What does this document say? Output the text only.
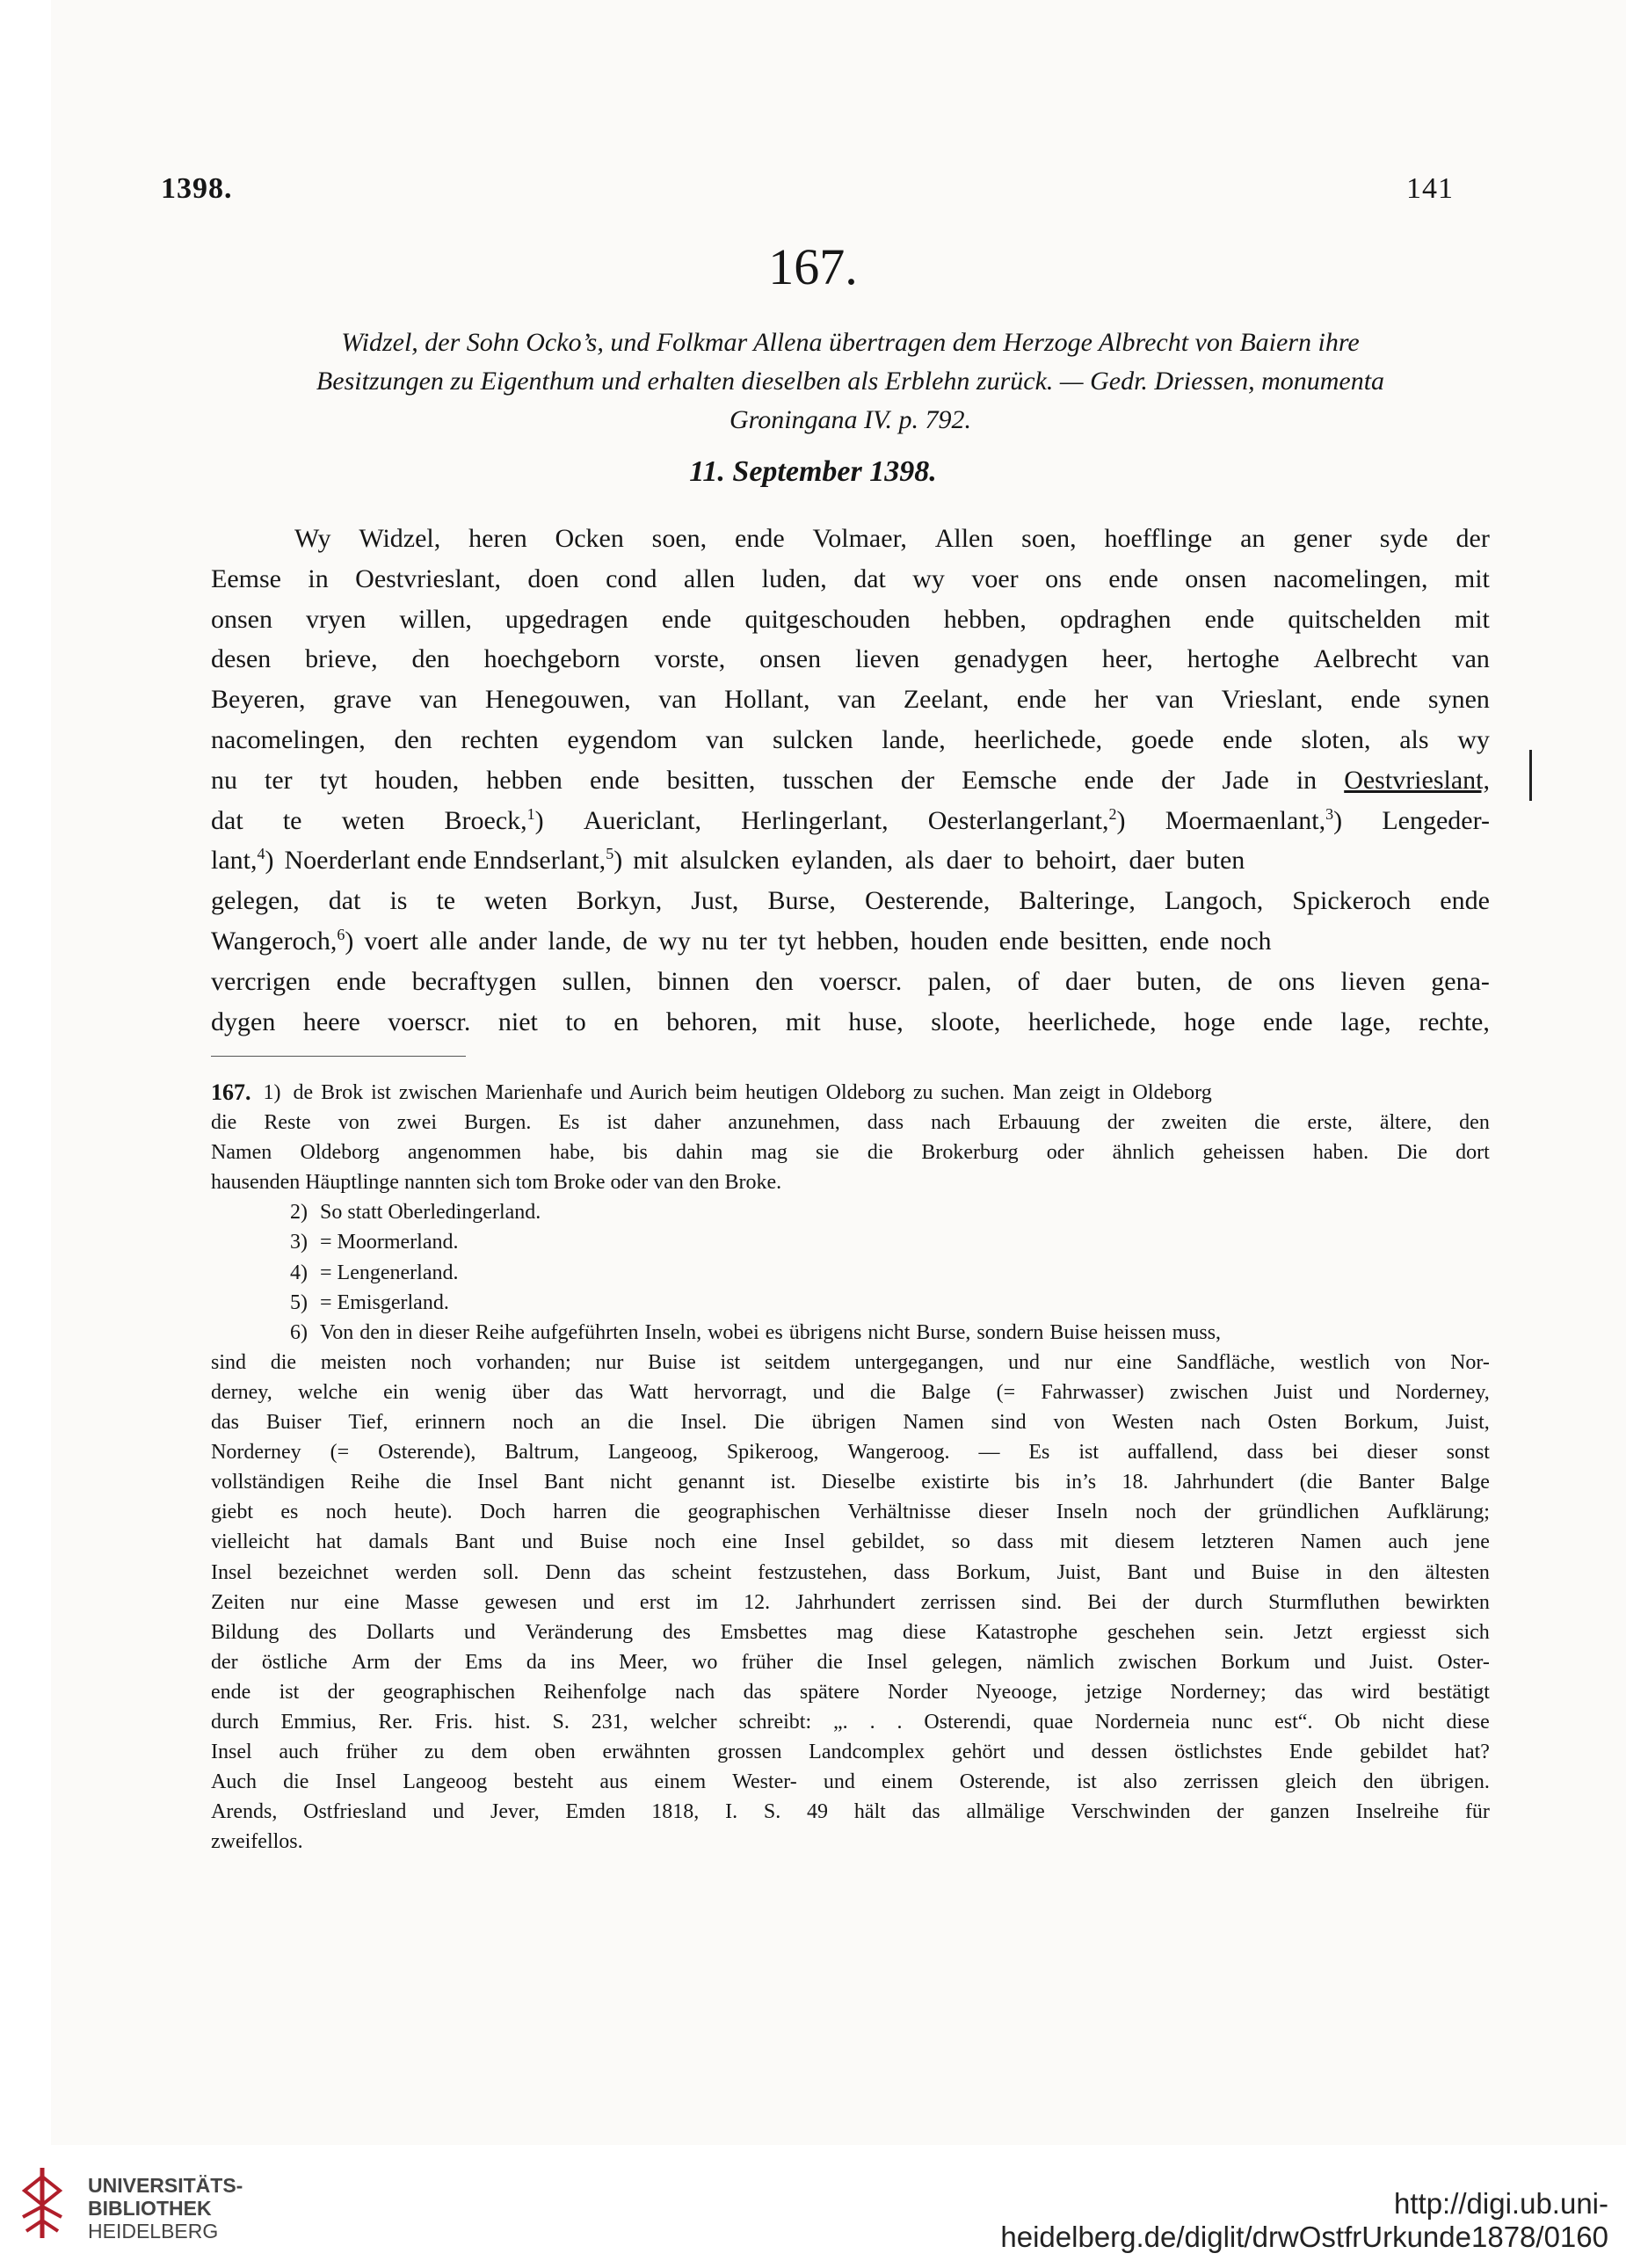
1398.	141
167.
Widzel, der Sohn Ocko’s, und Folkmar Allena übertragen dem Herzoge Albrecht von Baiern ihre
Besitzungen zu Eigenthum und erhalten dieselben als Erblehn zurück. — Gedr. Driessen, monumenta
Groningana IV. p. 792.
11. September 1398.
Wy Widzel, heren Ocken soen, ende Volmaer, Allen soen, hoefflinge an gener syde der
Eemse in Oestvrieslant, doen cond allen luden, dat wy voer ons ende onsen nacomelingen, mit
onsen vryen willen, upgedragen ende quitgeschouden hebben, opdraghen ende quitschelden mit
desen brieve, den hoechgeborn vorste, onsen lieven genadygen heer, hertoghe Aelbrecht van
Beyeren, grave van Henegouwen, van Hollant, van Zeelant, ende her van Vrieslant, ende synen
nacomelingen, den rechten eygendom van sulcken lande, heerlichede, goede ende sloten, als wy
nu ter tyt houden, hebben ende besitten, tusschen der Eemsche ende der Jade in Oestvrieslant,
dat te weten Broeck,$^1$) Auericlant, Herlingerlant, Oesterlangerlant,$^2$) Moermaenlant,$^3$) Lengeder-
lant,$^4$) Noerderlant ende Enndserlant,$^5$) mit alsulcken eylanden, als daer to behoirt, daer buten
gelegen, dat is te weten Borkyn, Just, Burse, Oesterende, Balteringe, Langoch, Spickeroch ende
Wangeroch,$^6$) voert alle ander lande, de wy nu ter tyt hebben, houden ende besitten, ende noch
vercrigen ende becraftygen sullen, binnen den voerscr. palen, of daer buten, de ons lieven gena-
dygen heere voerscr. niet to en behoren, mit huse, sloote, heerlichede, hoge ende lage, rechte,
167. 1) de Brok ist zwischen Marienhafe und Aurich beim heutigen Oldeborg zu suchen. Man zeigt in Oldeborg
die Reste von zwei Burgen. Es ist daher anzunehmen, dass nach Erbauung der zweiten die erste, ältere, den
Namen Oldeborg angenommen habe, bis dahin mag sie die Brokerburg oder ähnlich geheissen haben. Die dort
hausenden Häuptlinge nannten sich tom Broke oder van den Broke.
2) So statt Oberledingerland.
3) = Moormerland.
4) = Lengenerland.
5) = Emisgerland.
6) Von den in dieser Reihe aufgeführten Inseln, wobei es übrigens nicht Burse, sondern Buise heissen muss,
sind die meisten noch vorhanden; nur Buise ist seitdem untergegangen, und nur eine Sandfläche, westlich von Nor-
derney, welche ein wenig über das Watt hervorragt, und die Balge (= Fahrwasser) zwischen Juist und Norderney,
das Buiser Tief, erinnern noch an die Insel. Die übrigen Namen sind von Westen nach Osten Borkum, Juist,
Norderney (= Osterende), Baltrum, Langeoog, Spikeroog, Wangeroog. — Es ist auffallend, dass bei dieser sonst
vollständigen Reihe die Insel Bant nicht genannt ist. Dieselbe existirte bis in’s 18. Jahrhundert (die Banter Balge
giebt es noch heute). Doch harren die geographischen Verhältnisse dieser Inseln noch der gründlichen Aufklärung;
vielleicht hat damals Bant und Buise noch eine Insel gebildet, so dass mit diesem letzteren Namen auch jene
Insel bezeichnet werden soll. Denn das scheint festzustehen, dass Borkum, Juist, Bant und Buise in den ältesten
Zeiten nur eine Masse gewesen und erst im 12. Jahrhundert zerrissen sind. Bei der durch Sturmfluthen bewirkten
Bildung des Dollarts und Veränderung des Emsbettes mag diese Katastrophe geschehen sein. Jetzt ergiesst sich
der östliche Arm der Ems da ins Meer, wo früher die Insel gelegen, nämlich zwischen Borkum und Juist. Oster-
ende ist der geographischen Reihenfolge nach das spätere Norder Nyeooge, jetzige Norderney; das wird bestätigt
durch Emmius, Rer. Fris. hist. S. 231, welcher schreibt: „. . . Osterendi, quae Norderneia nunc est“. Ob nicht diese
Insel auch früher zu dem oben erwähnten grossen Landcomplex gehört und dessen östlichstes Ende gebildet hat?
Auch die Insel Langeoog besteht aus einem Wester- und einem Osterende, ist also zerrissen gleich den übrigen.
Arends, Ostfriesland und Jever, Emden 1818, I. S. 49 hält das allmälige Verschwinden der ganzen Inselreihe für
zweifellos.
UNIVERSITÄTS-
BIBLIOTHEK
HEIDELBERG
http://digi.ub.uni-heidelberg.de/diglit/drwOstfrUrkunde1878/0160
